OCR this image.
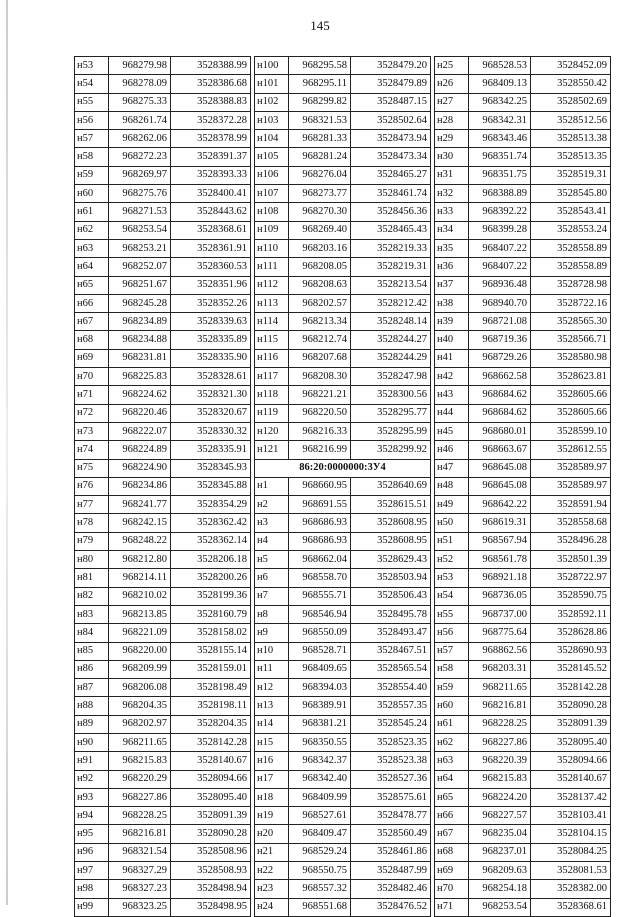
145
н53	968279.98	3528388.99
н54	968278.09	3528386.68
н55	968275.33	3528388.83
н56	968261.74	3528372.28
н57	968262.06	3528378.99
н58	968272.23	3528391.37
н59	968269.97	3528393.33
н60	968275.76	3528400.41
н61	968271.53	3528443.62
н62	968253.54	3528368.61
н63	968253.21	3528361.91
н64	968252.07	3528360.53
н65	968251.67	3528351.96
н66	968245.28	3528352.26
н67	968234.89	3528339.63
н68	968234.88	3528335.89
н69	968231.81	3528335.90
н70	968225.83	3528328.61
н71	968224.62	3528321.30
н72	968220.46	3528320.67
н73	968222.07	3528330.32
н74	968224.89	3528335.91
н75	968224.90	3528345.93
н76	968234.86	3528345.88
н77	968241.77	3528354.29
н78	968242.15	3528362.42
н79	968248.22	3528362.14
н80	968212.80	3528206.18
н81	968214.11	3528200.26
н82	968210.02	3528199.36
н83	968213.85	3528160.79
н84	968221.09	3528158.02
н85	968220.00	3528155.14
н86	968209.99	3528159.01
н87	968206.08	3528198.49
н88	968204.35	3528198.11
н89	968202.97	3528204.35
н90	968211.65	3528142.28
н91	968215.83	3528140.67
н92	968220.29	3528094.66
н93	968227.86	3528095.40
н94	968228.25	3528091.39
н95	968216.81	3528090.28
н96	968321.54	3528508.96
н97	968327.29	3528508.93
н98	968327.23	3528498.94
н99	968323.25	3528498.95
н100	968295.58	3528479.20
н101	968295.11	3528479.89
н102	968299.82	3528487.15
н103	968321.53	3528502.64
н104	968281.33	3528473.94
н105	968281.24	3528473.34
н106	968276.04	3528465.27
н107	968273.77	3528461.74
н108	968270.30	3528456.36
н109	968269.40	3528465.43
н110	968203.16	3528219.33
н111	968208.05	3528219.31
н112	968208.63	3528213.54
н113	968202.57	3528212.42
н114	968213.34	3528248.14
н115	968212.74	3528244.27
н116	968207.68	3528244.29
н117	968208.30	3528247.98
н118	968221.21	3528300.56
н119	968220.50	3528295.77
н120	968216.33	3528295.99
н121	968216.99	3528299.92
86:20:0000000:3У4		
н1	968660.95	3528640.69
н2	968691.55	3528615.51
н3	968686.93	3528608.95
н4	968686.93	3528608.95
н5	968662.04	3528629.43
н6	968558.70	3528503.94
н7	968555.71	3528506.43
н8	968546.94	3528495.78
н9	968550.09	3528493.47
н10	968528.71	3528467.51
н11	968409.65	3528565.54
н12	968394.03	3528554.40
н13	968389.91	3528557.35
н14	968381.21	3528545.24
н15	968350.55	3528523.35
н16	968342.37	3528523.38
н17	968342.40	3528527.36
н18	968409.99	3528575.61
н19	968527.61	3528478.77
н20	968409.47	3528560.49
н21	968529.24	3528461.86
н22	968550.75	3528487.99
н23	968557.32	3528482.46
н24	968551.68	3528476.52
н25	968528.53	3528452.09
н26	968409.13	3528550.42
н27	968342.25	3528502.69
н28	968342.31	3528512.56
н29	968343.46	3528513.38
н30	968351.74	3528513.35
н31	968351.75	3528519.31
н32	968388.89	3528545.80
н33	968392.22	3528543.41
н34	968399.28	3528553.24
н35	968407.22	3528558.89
н36	968407.22	3528558.89
н37	968936.48	3528728.98
н38	968940.70	3528722.16
н39	968721.08	3528565.30
н40	968719.36	3528566.71
н41	968729.26	3528580.98
н42	968662.58	3528623.81
н43	968684.62	3528605.66
н44	968684.62	3528605.66
н45	968680.01	3528599.10
н46	968663.67	3528612.55
н47	968645.08	3528589.97
н48	968645.08	3528589.97
н49	968642.22	3528591.94
н50	968619.31	3528558.68
н51	968567.94	3528496.28
н52	968561.78	3528501.39
н53	968921.18	3528722.97
н54	968736.05	3528590.75
н55	968737.00	3528592.11
н56	968775.64	3528628.86
н57	968862.56	3528690.93
н58	968203.31	3528145.52
н59	968211.65	3528142.28
н60	968216.81	3528090.28
н61	968228.25	3528091.39
н62	968227.86	3528095.40
н63	968220.39	3528094.66
н64	968215.83	3528140.67
н65	968224.20	3528137.42
н66	968227.57	3528103.41
н67	968235.04	3528104.15
н68	968237.01	3528084.25
н69	968209.63	3528081.53
н70	968254.18	3528382.00
н71	968253.54	3528368.61
